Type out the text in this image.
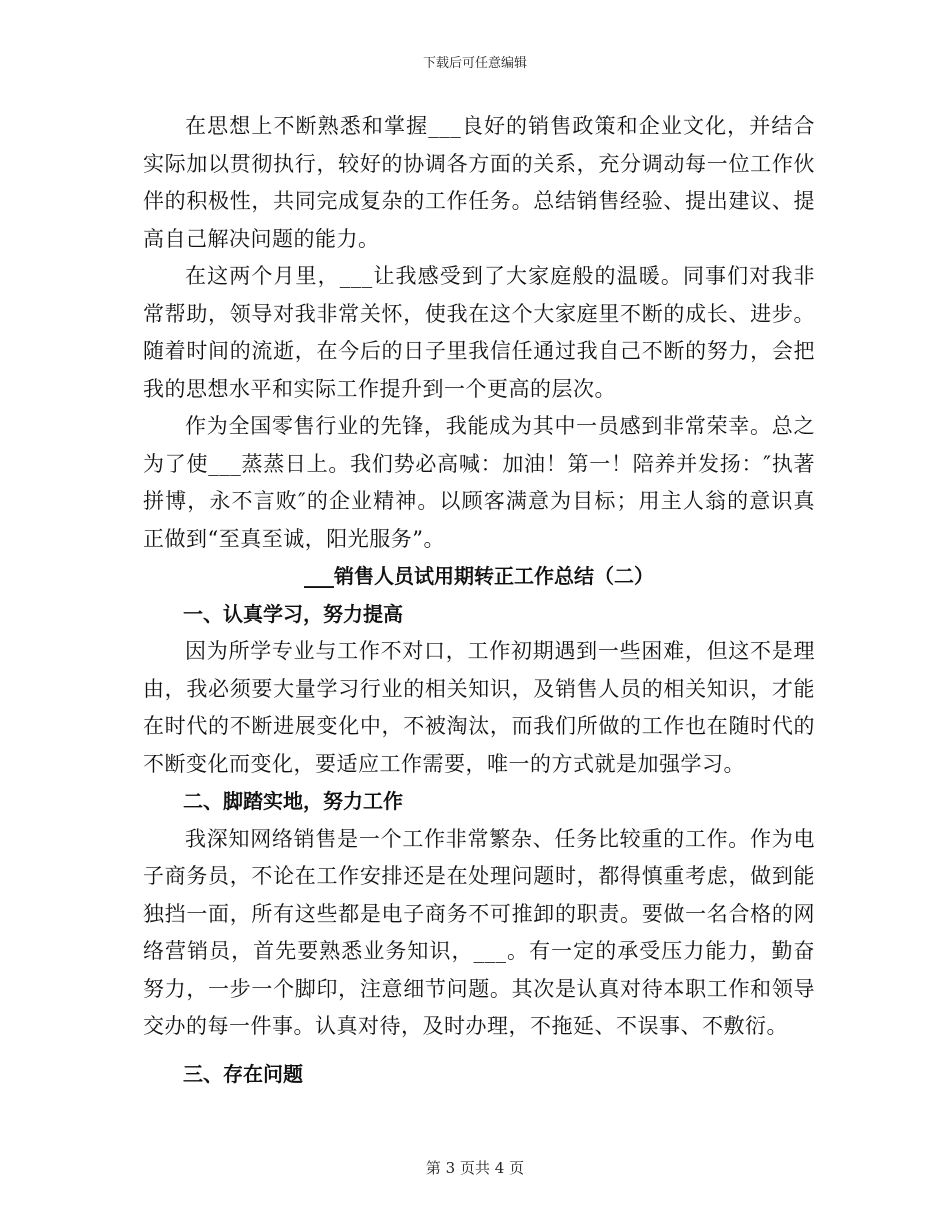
下载后可任意编辑

在思想上不断熟悉和掌握___良好的销售政策和企业文化，并结合实际加以贯彻执行，较好的协调各方面的关系，充分调动每一位工作伙伴的积极性，共同完成复杂的工作任务。总结销售经验、提出建议、提高自己解决问题的能力。

在这两个月里，___让我感受到了大家庭般的温暖。同事们对我非常帮助，领导对我非常关怀，使我在这个大家庭里不断的成长、进步。随着时间的流逝，在今后的日子里我信任通过我自己不断的努力，会把我的思想水平和实际工作提升到一个更高的层次。

作为全国零售行业的先锋，我能成为其中一员感到非常荣幸。总之为了使___蒸蒸日上。我们势必高喊：加油！第一！陪养并发扬：″执著拼博，永不言败″的企业精神。以顾客满意为目标；用主人翁的意识真正做到“至真至诚，阳光服务”。

___销售人员试用期转正工作总结（二）

一、认真学习，努力提高

因为所学专业与工作不对口，工作初期遇到一些困难，但这不是理由，我必须要大量学习行业的相关知识，及销售人员的相关知识，才能在时代的不断进展变化中，不被淘汰，而我们所做的工作也在随时代的不断变化而变化，要适应工作需要，唯一的方式就是加强学习。

二、脚踏实地，努力工作

我深知网络销售是一个工作非常繁杂、任务比较重的工作。作为电子商务员，不论在工作安排还是在处理问题时，都得慎重考虑，做到能独挡一面，所有这些都是电子商务不可推卸的职责。要做一名合格的网络营销员，首先要熟悉业务知识，___。有一定的承受压力能力，勤奋努力，一步一个脚印，注意细节问题。其次是认真对待本职工作和领导交办的每一件事。认真对待，及时办理，不拖延、不误事、不敷衍。

三、存在问题

第 3 页共 4 页
